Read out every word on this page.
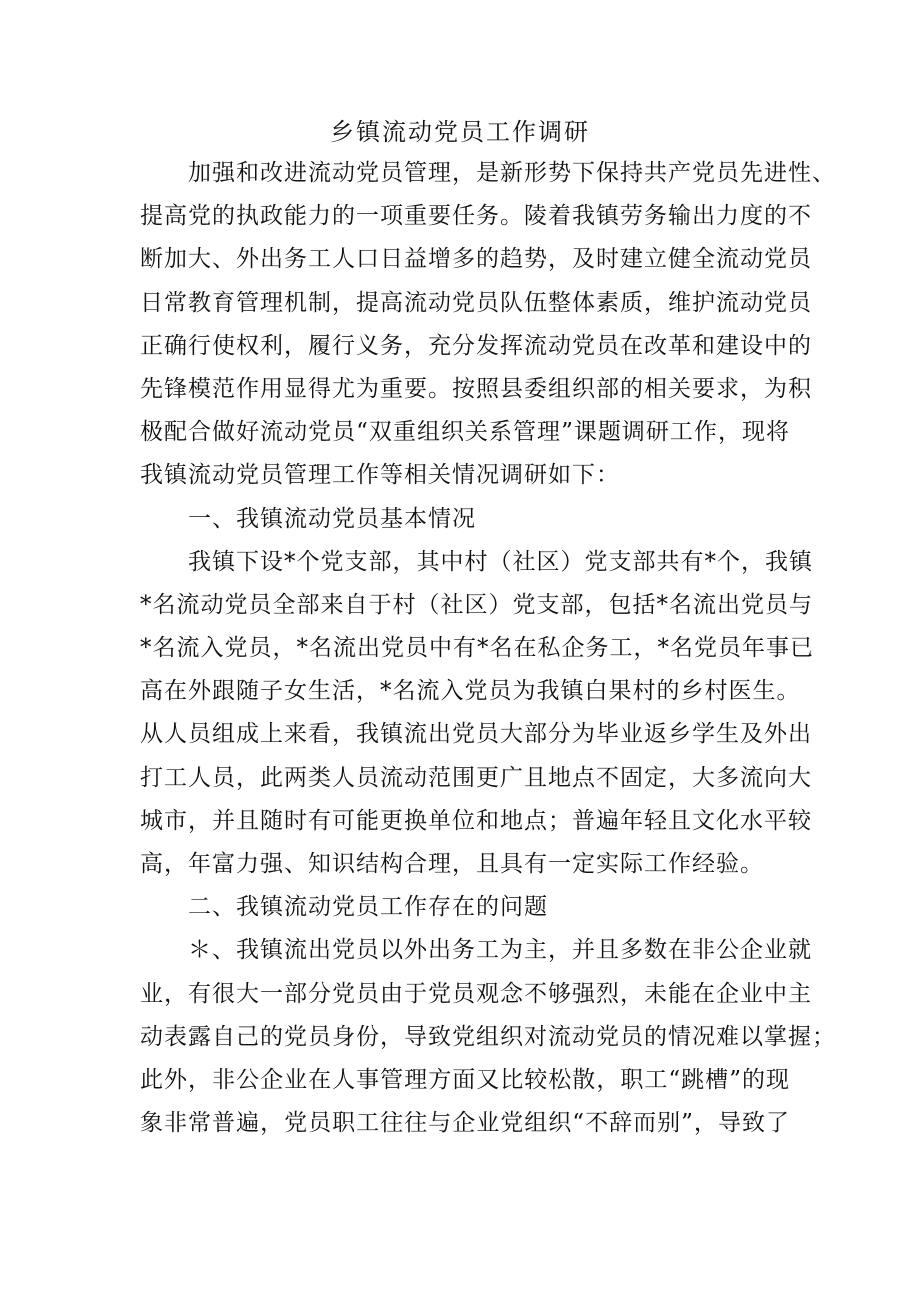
乡镇流动党员工作调研
加强和改进流动党员管理，是新形势下保持共产党员先进性、
提高党的执政能力的一项重要任务。陵着我镇劳务输出力度的不
断加大、外出务工人口日益增多的趋势，及时建立健全流动党员
日常教育管理机制，提高流动党员队伍整体素质，维护流动党员
正确行使权利，履行义务，充分发挥流动党员在改革和建设中的
先锋模范作用显得尤为重要。按照县委组织部的相关要求，为积
极配合做好流动党员“双重组织关系管理”课题调研工作，现将
我镇流动党员管理工作等相关情况调研如下：
一、我镇流动党员基本情况
我镇下设*个党支部，其中村（社区）党支部共有*个，我镇
*名流动党员全部来自于村（社区）党支部，包括*名流出党员与
*名流入党员，*名流出党员中有*名在私企务工，*名党员年事已
高在外跟随子女生活，*名流入党员为我镇白果村的乡村医生。
从人员组成上来看，我镇流出党员大部分为毕业返乡学生及外出
打工人员，此两类人员流动范围更广且地点不固定，大多流向大
城市，并且随时有可能更换单位和地点；普遍年轻且文化水平较
高，年富力强、知识结构合理，且具有一定实际工作经验。
二、我镇流动党员工作存在的问题
＊、我镇流出党员以外出务工为主，并且多数在非公企业就
业，有很大一部分党员由于党员观念不够强烈，未能在企业中主
动表露自己的党员身份，导致党组织对流动党员的情况难以掌握；
此外，非公企业在人事管理方面又比较松散，职工“跳槽”的现
象非常普遍，党员职工往往与企业党组织“不辞而别”，导致了
